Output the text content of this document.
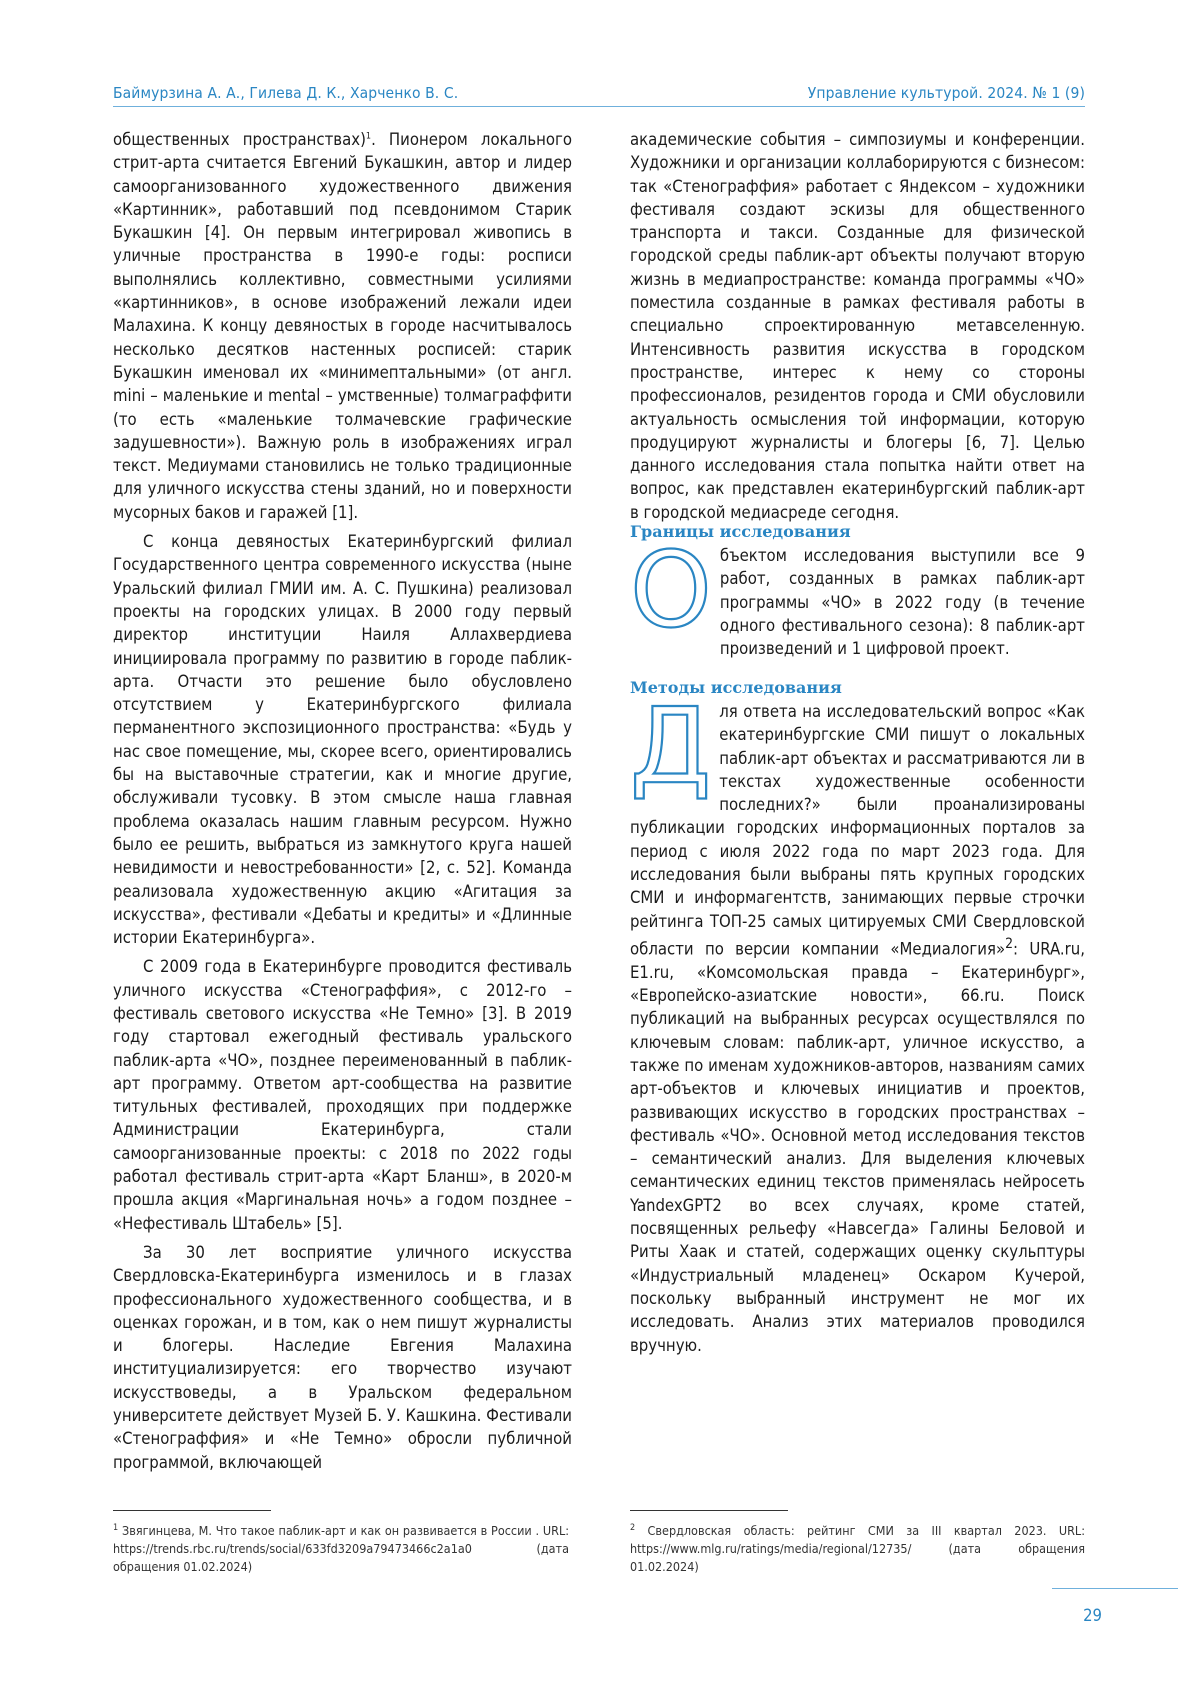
Баймурзина А. А., Гилева Д. К., Харченко В. С.	Управление культурой. 2024. № 1 (9)

общественных пространствах)$^1$. Пионером локального стрит-арта считается Евгений Букашкин, автор и лидер самоорганизованного художественного движения «Картинник», работавший под псевдонимом Старик Букашкин [4]. Он первым интегрировал живопись в уличные пространства в 1990-е годы: росписи выполнялись коллективно, совместными усилиями «картинников», в основе изображений лежали идеи Малахина. К концу девяностых в городе насчитывалось несколько десятков настенных росписей: старик Букашкин именовал их «минимептальными» (от англ. mini – маленькие и mental – умственные) толмаграффити (то есть «маленькие толмачевские графические задушевности»). Важную роль в изображениях играл текст. Медиумами становились не только традиционные для уличного искусства стены зданий, но и поверхности мусорных баков и гаражей [1].

С конца девяностых Екатеринбургский филиал Государственного центра современного искусства (ныне Уральский филиал ГМИИ им. А. С. Пушкина) реализовал проекты на городских улицах. В 2000 году первый директор институции Наиля Аллахвердиева инициировала программу по развитию в городе паблик-арта. Отчасти это решение было обусловлено отсутствием у Екатеринбургского филиала перманентного экспозиционного пространства: «Будь у нас свое помещение, мы, скорее всего, ориентировались бы на выставочные стратегии, как и многие другие, обслуживали тусовку. В этом смысле наша главная проблема оказалась нашим главным ресурсом. Нужно было ее решить, выбраться из замкнутого круга нашей невидимости и невостребованности» [2, с. 52]. Команда реализовала художественную акцию «Агитация за искусства», фестивали «Дебаты и кредиты» и «Длинные истории Екатеринбурга».

С 2009 года в Екатеринбурге проводится фестиваль уличного искусства «Стенограффия», с 2012-го – фестиваль светового искусства «Не Темно» [3]. В 2019 году стартовал ежегодный фестиваль уральского паблик-арта «ЧО», позднее переименованный в паблик-арт программу. Ответом арт-сообщества на развитие титульных фестивалей, проходящих при поддержке Администрации Екатеринбурга, стали самоорганизованные проекты: с 2018 по 2022 годы работал фестиваль стрит-арта «Карт Бланш», в 2020-м прошла акция «Маргинальная ночь» а годом позднее – «Нефестиваль Штабель» [5].

За 30 лет восприятие уличного искусства Свердловска-Екатеринбурга изменилось и в глазах профессионального художественного сообщества, и в оценках горожан, и в том, как о нем пишут журналисты и блогеры. Наследие Евгения Малахина институциализируется: его творчество изучают искусствоведы, а в Уральском федеральном университете действует Музей Б. У. Кашкина. Фестивали «Стенограффия» и «Не Темно» обросли публичной программой, включающей

академические события – симпозиумы и конференции. Художники и организации коллаборируются с бизнесом: так «Стенограффия» работает с Яндексом – художники фестиваля создают эскизы для общественного транспорта и такси. Созданные для физической городской среды паблик-арт объекты получают вторую жизнь в медиапространстве: команда программы «ЧО» поместила созданные в рамках фестиваля работы в специально спроектированную метавселенную. Интенсивность развития искусства в городском пространстве, интерес к нему со стороны профессионалов, резидентов города и СМИ обусловили актуальность осмысления той информации, которую продуцируют журналисты и блогеры [6, 7]. Целью данного исследования стала попытка найти ответ на вопрос, как представлен екатеринбургский паблик-арт в городской медиасреде сегодня.

Границы исследования

Объектом исследования выступили все 9 работ, созданных в рамках паблик-арт программы «ЧО» в 2022 году (в течение одного фестивального сезона): 8 паблик-арт произведений и 1 цифровой проект.

Методы исследования

Для ответа на исследовательский вопрос «Как екатеринбургские СМИ пишут о локальных паблик-арт объектах и рассматриваются ли в текстах художественные особенности последних?» были проанализированы публикации городских информационных порталов за период с июля 2022 года по март 2023 года. Для исследования были выбраны пять крупных городских СМИ и информагентств, занимающих первые строчки рейтинга ТОП-25 самых цитируемых СМИ Свердловской области по версии компании «Медиалогия»$^2$: URA.ru, E1.ru, «Комсомольская правда – Екатеринбург», «Европейско-азиатские новости», 66.ru. Поиск публикаций на выбранных ресурсах осуществлялся по ключевым словам: паблик-арт, уличное искусство, а также по именам художников-авторов, названиям самих арт-объектов и ключевых инициатив и проектов, развивающих искусство в городских пространствах – фестиваль «ЧО». Основной метод исследования текстов – семантический анализ. Для выделения ключевых семантических единиц текстов применялась нейросеть YandexGPT2 во всех случаях, кроме статей, посвященных рельефу «Навсегда» Галины Беловой и Риты Хаак и статей, содержащих оценку скульптуры «Индустриальный младенец» Оскаром Кучерой, поскольку выбранный инструмент не мог их исследовать. Анализ этих материалов проводился вручную.

$^1$ Звягинцева, М. Что такое паблик-арт и как он развивается в России . URL: https://trends.rbc.ru/trends/social/633fd3209a79473466c2a1a0 (дата обращения 01.02.2024)
$^2$ Свердловская область: рейтинг СМИ за III квартал 2023. URL: https://www.mlg.ru/ratings/media/regional/12735/ (дата обращения 01.02.2024)
29
